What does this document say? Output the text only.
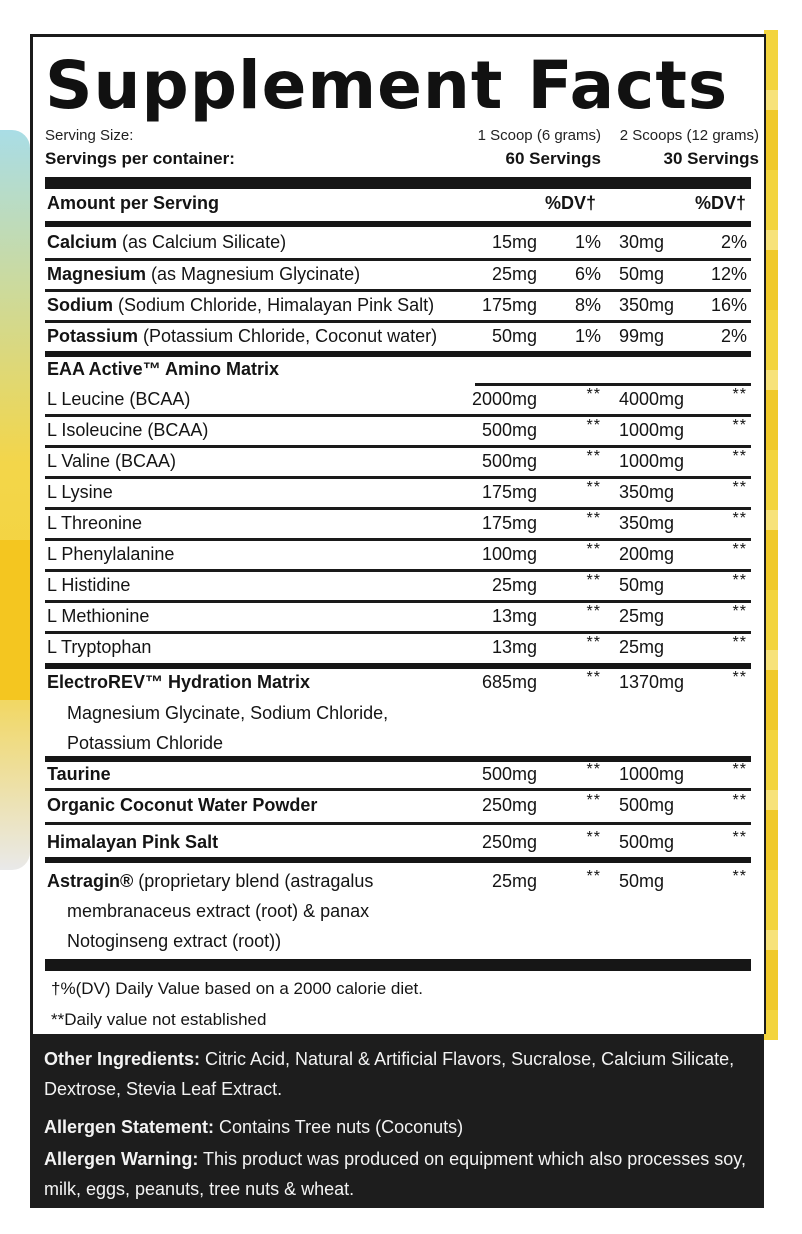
Supplement Facts
Serving Size:	1 Scoop (6 grams) 2 Scoops (12 grams)
Servings per container:	60 Servings	30 Servings
Amount per Serving	%DV†	%DV†
Calcium (as Calcium Silicate)	15mg	1% 30mg	2%
Magnesium (as Magnesium Glycinate)	25mg	6% 50mg	12%
Sodium (Sodium Chloride, Himalayan Pink Salt)	175mg	8% 350mg	16%
Potassium (Potassium Chloride, Coconut water)	50mg	1% 99mg	2%
EAA Active™ Amino Matrix
L Leucine (BCAA)	2000mg	** 4000mg	**
L Isoleucine (BCAA)	500mg	** 1000mg	**
L Valine (BCAA)	500mg	** 1000mg	**
L Lysine	175mg	** 350mg	**
L Threonine	175mg	** 350mg	**
L Phenylalanine	100mg	** 200mg	**
L Histidine	25mg	** 50mg	**
L Methionine	13mg	** 25mg	**
L Tryptophan	13mg	** 25mg	**
ElectroREV™ Hydration Matrix	685mg	** 1370mg	**
Magnesium Glycinate, Sodium Chloride,
Potassium Chloride
Taurine	500mg	** 1000mg	**
Organic Coconut Water Powder	250mg	** 500mg	**
Himalayan Pink Salt	250mg	** 500mg	**
Astragin® (proprietary blend (astragalus	25mg	** 50mg	**
membranaceus extract (root) & panax
Notoginseng extract (root))
†%(DV) Daily Value based on a 2000 calorie diet.
**Daily value not established

Other Ingredients: Citric Acid, Natural & Artificial Flavors, Sucralose, Calcium Silicate, Dextrose, Stevia Leaf Extract.

Allergen Statement: Contains Tree nuts (Coconuts)

Allergen Warning: This product was produced on equipment which also processes soy, milk, eggs, peanuts, tree nuts & wheat.
